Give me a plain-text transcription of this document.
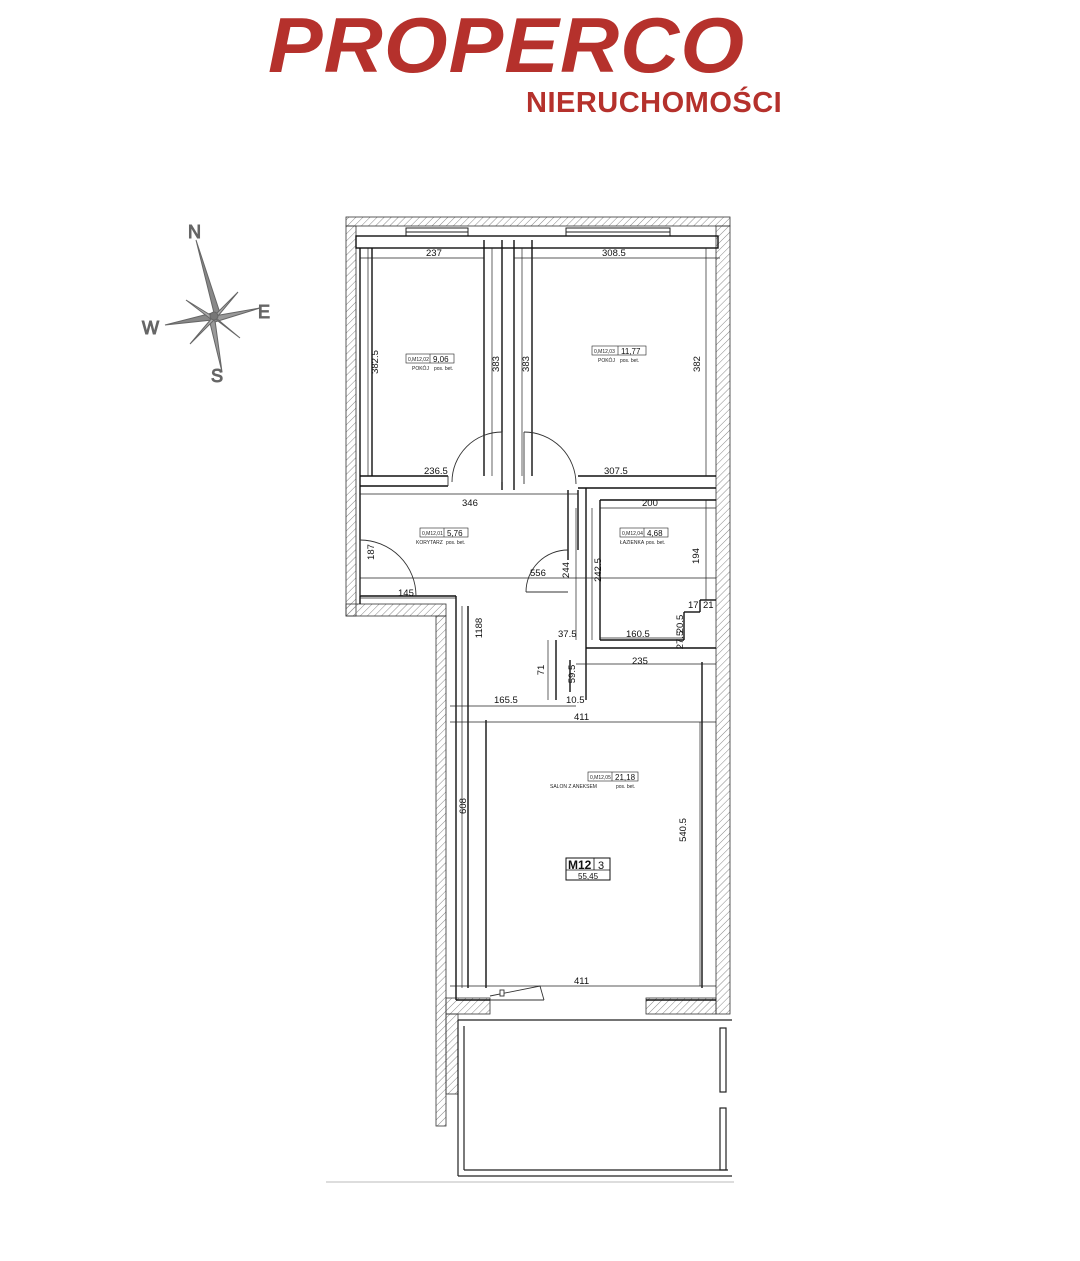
PROPERCO
NIERUCHOMOŚCI
N
S
E
W
237	308.5
382.5	383 383	382
236.5	307.5
346	200
187
556 244 242.5
194
145
1188	37.5	160.5
20.5
27.5
17 21
71 59.5
235
165.5	10.5
411
608
540.5
411
0,M12,02 9,06
POKÓJ pos. bet.
0,M12,03 11,77
POKÓJ pos. bet.
0,M12,01 5,76
KORYTARZ pos. bet.
0,M12,04 4,68
ŁAZIENKA pos. bet.
0,M12,05 21,18
SALON Z ANEKSEM	pos. bet.
M12 3
55,45
